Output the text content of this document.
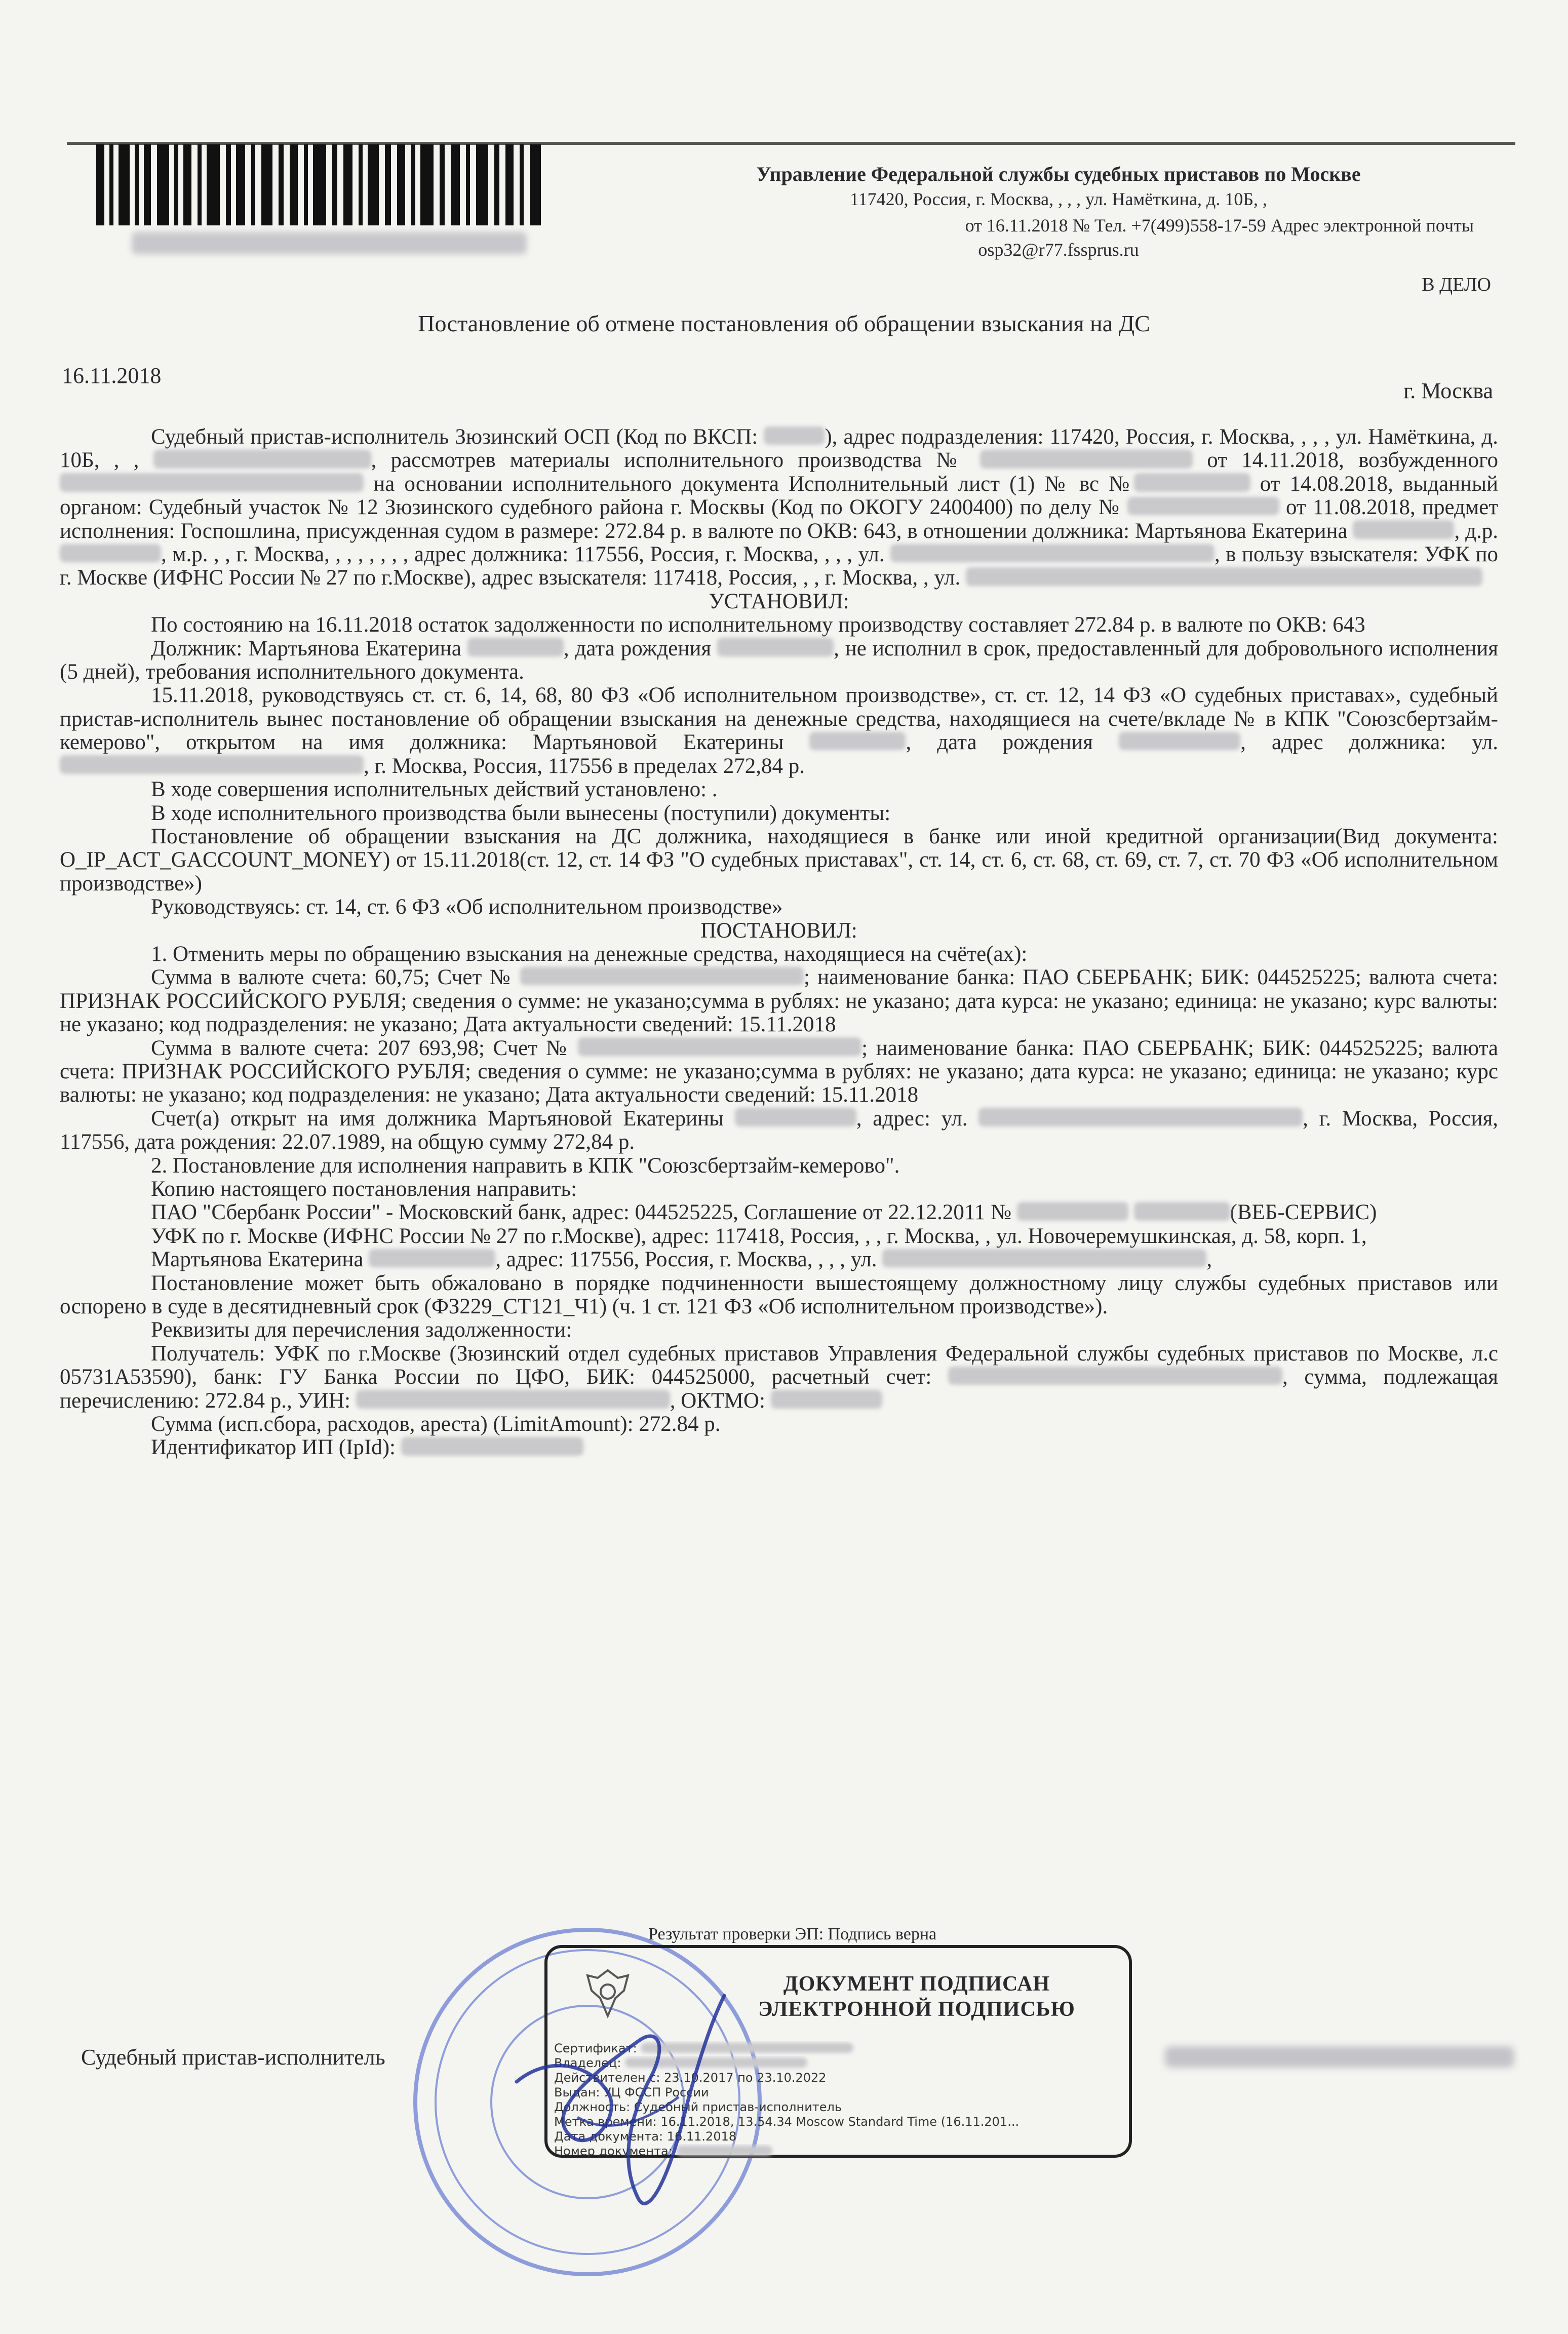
Управление Федеральной службы судебных приставов по Москве
117420, Россия, г. Москва, , , , ул. Намёткина, д. 10Б, ,
от 16.11.2018 № Тел. +7(499)558-17-59 Адрес электронной почты
osp32@r77.fssprus.ru
В ДЕЛО
Постановление об отмене постановления об обращении взыскания на ДС
16.11.2018
г. Москва

Судебный пристав-исполнитель Зюзинский ОСП (Код по ВКСП:	), адрес подразделения: 117420, Россия, г. Москва, , , , ул. Намёткина, д. 10Б, , ,	, рассмотрев материалы исполнительного производства №	от 14.11.2018, возбужденного  на основании исполнительного документа Исполнительный лист (1) № вс №	от 14.08.2018, выданный органом: Судебный участок № 12 Зюзинского судебного района г. Москвы (Код по ОКОГУ 2400400) по делу №	от 11.08.2018, предмет исполнения: Госпошлина, присужденная судом в размере: 272.84 р. в валюте по ОКВ: 643, в отношении должника: Мартьянова Екатерина	, д.р. , м.р. , , г. Москва, , , , , , , , адрес должника: 117556, Россия, г. Москва, , , , ул.	, в пользу взыскателя: УФК по г. Москве (ИФНС России № 27 по г.Москве), адрес взыскателя: 117418, Россия, , , г. Москва, , ул.

УСТАНОВИЛ:

По состоянию на 16.11.2018 остаток задолженности по исполнительному производству составляет 272.84 р. в валюте по ОКВ: 643

Должник: Мартьянова Екатерина	, дата рождения	, не исполнил в срок, предоставленный для добровольного исполнения (5 дней), требования исполнительного документа.

15.11.2018, руководствуясь ст. ст. 6, 14, 68, 80 ФЗ «Об исполнительном производстве», ст. ст. 12, 14 ФЗ «О судебных приставах», судебный пристав-исполнитель вынес постановление об обращении взыскания на денежные средства, находящиеся на счете/вкладе № в КПК "Союзсбертзайм-кемерово", открытом на имя должника: Мартьяновой Екатерины	, дата рождения	, адрес должника: ул. , г. Москва, Россия, 117556 в пределах 272,84 р.

В ходе совершения исполнительных действий установлено: .

В ходе исполнительного производства были вынесены (поступили) документы:

Постановление об обращении взыскания на ДС должника, находящиеся в банке или иной кредитной организации(Вид документа: O_IP_ACT_GACCOUNT_MONEY) от 15.11.2018(ст. 12, ст. 14 ФЗ "О судебных приставах", ст. 14, ст. 6, ст. 68, ст. 69, ст. 7, ст. 70 ФЗ «Об исполнительном производстве»)

Руководствуясь: ст. 14, ст. 6 ФЗ «Об исполнительном производстве»

ПОСТАНОВИЛ:

1. Отменить меры по обращению взыскания на денежные средства, находящиеся на счёте(ах):

Сумма в валюте счета: 60,75; Счет №	; наименование банка: ПАО СБЕРБАНК; БИК: 044525225; валюта счета: ПРИЗНАК РОССИЙСКОГО РУБЛЯ; сведения о сумме: не указано;сумма в рублях: не указано; дата курса: не указано; единица: не указано; курс валюты: не указано; код подразделения: не указано; Дата актуальности сведений: 15.11.2018

Сумма в валюте счета: 207 693,98; Счет №	; наименование банка: ПАО СБЕРБАНК; БИК: 044525225; валюта счета: ПРИЗНАК РОССИЙСКОГО РУБЛЯ; сведения о сумме: не указано;сумма в рублях: не указано; дата курса: не указано; единица: не указано; курс валюты: не указано; код подразделения: не указано; Дата актуальности сведений: 15.11.2018

Счет(а) открыт на имя должника Мартьяновой Екатерины	, адрес: ул.	, г. Москва, Россия, 117556, дата рождения: 22.07.1989, на общую сумму 272,84 р.

2. Постановление для исполнения направить в КПК "Союзсбертзайм-кемерово".

Копию настоящего постановления направить:

ПАО "Сбербанк России" - Московский банк, адрес: 044525225, Соглашение от 22.12.2011 №	(ВЕБ-СЕРВИС)

УФК по г. Москве (ИФНС России № 27 по г.Москве), адрес: 117418, Россия, , , г. Москва, , ул. Новочеремушкинская, д. 58, корп. 1,

Мартьянова Екатерина	, адрес: 117556, Россия, г. Москва, , , , ул.	,

Постановление может быть обжаловано в порядке подчиненности вышестоящему должностному лицу службы судебных приставов или оспорено в суде в десятидневный срок (ФЗ229_СТ121_Ч1) (ч. 1 ст. 121 ФЗ «Об исполнительном производстве»).

Реквизиты для перечисления задолженности:

Получатель: УФК по г.Москве (Зюзинский отдел судебных приставов Управления Федеральной службы судебных приставов по Москве, л.с 05731А53590), банк: ГУ Банка России по ЦФО, БИК: 044525000, расчетный счет:	, сумма, подлежащая перечислению: 272.84 р., УИН:	, ОКТМО:

Сумма (исп.сбора, расходов, ареста) (LimitAmount): 272.84 р.

Идентификатор ИП (IpId):

Результат проверки ЭП: Подпись верна
ДОКУМЕНТ ПОДПИСАН
ЭЛЕКТРОННОЙ ПОДПИСЬЮ
Сертификат:
Владелец:
Действителен с: 23.10.2017 по 23.10.2022
Выдан: УЦ ФССП России
Должность: Судебный пристав-исполнитель
Метка времени: 16.11.2018, 13.54.34 Moscow Standard Time (16.11.201...
Дата документа: 16.11.2018
Номер документа:
Судебный пристав-исполнитель
